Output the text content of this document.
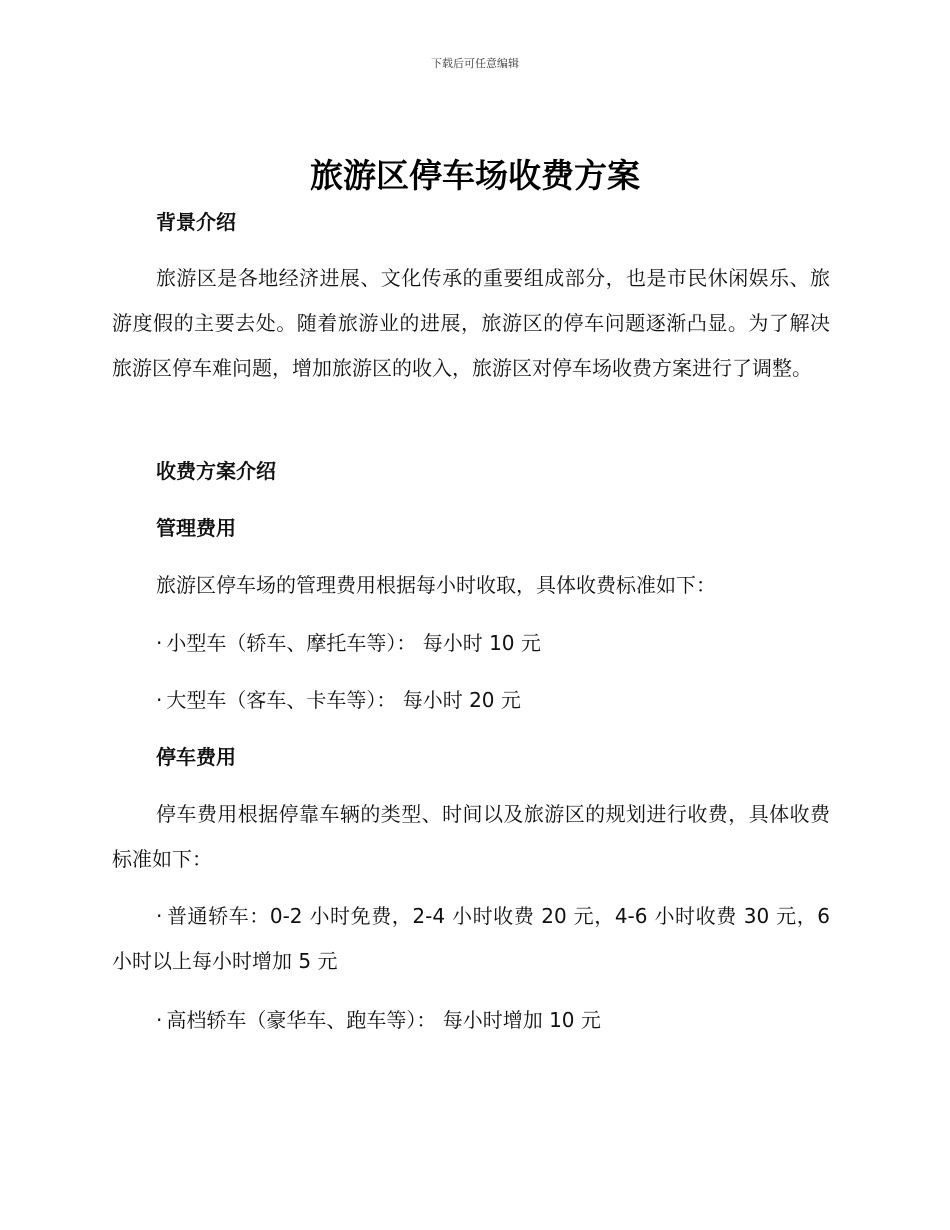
下载后可任意编辑
旅游区停车场收费方案
背景介绍
旅游区是各地经济进展、文化传承的重要组成部分，也是市民休闲娱乐、旅游度假的主要去处。随着旅游业的进展，旅游区的停车问题逐渐凸显。为了解决旅游区停车难问题，增加旅游区的收入，旅游区对停车场收费方案进行了调整。
收费方案介绍
管理费用
旅游区停车场的管理费用根据每小时收取，具体收费标准如下：
· 小型车（轿车、摩托车等）： 每小时 10 元
· 大型车（客车、卡车等）： 每小时 20 元
停车费用
停车费用根据停靠车辆的类型、时间以及旅游区的规划进行收费，具体收费标准如下：
· 普通轿车：0-2 小时免费，2-4 小时收费 20 元，4-6 小时收费 30 元，6 小时以上每小时增加 5 元
· 高档轿车（豪华车、跑车等）： 每小时增加 10 元
